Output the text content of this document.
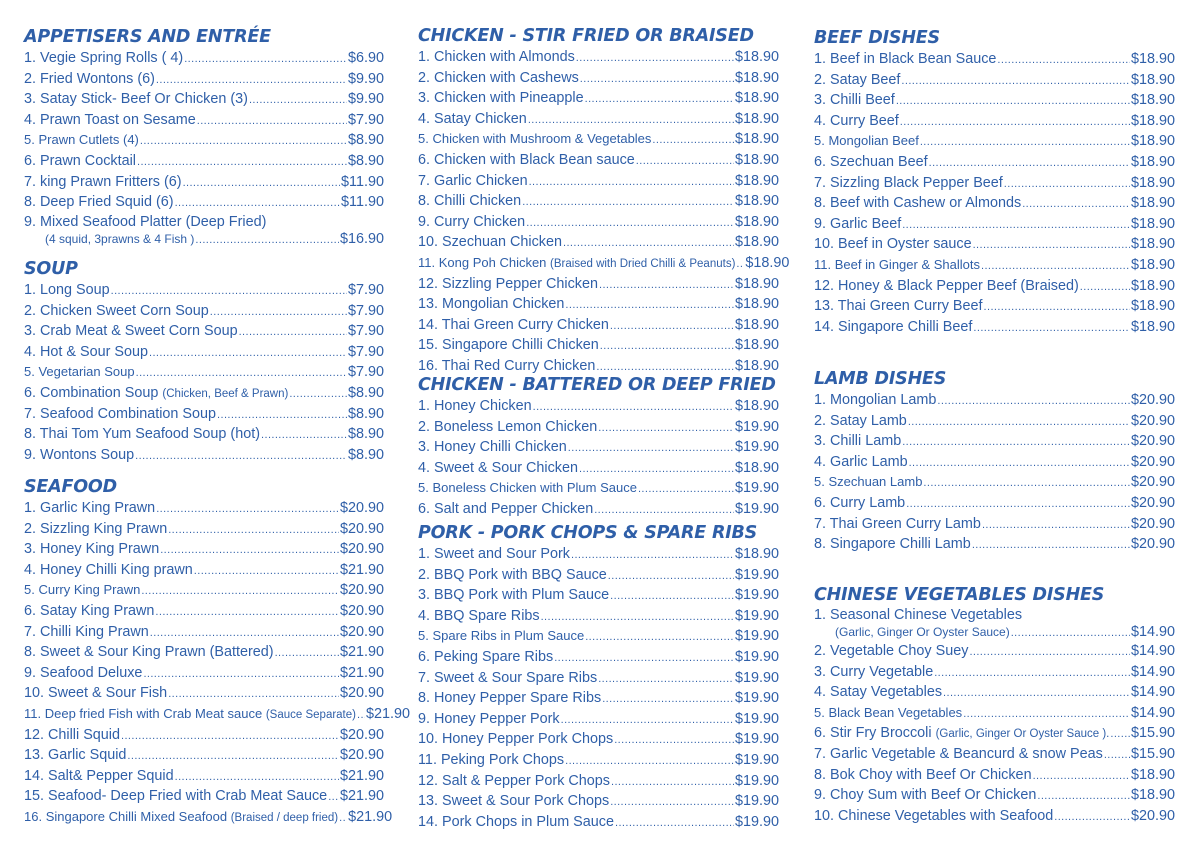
APPETISERS AND ENTRÉE
1. Vegie Spring Rolls ( 4) .....	$6.90
2. Fried Wontons (6) .....	$9.90
3. Satay Stick- Beef Or Chicken (3) .....	$9.90
4. Prawn Toast on Sesame .....	$7.90
5. Prawn Cutlets (4) .....	$8.90
6. Prawn Cocktail .....	$8.90
7. king Prawn Fritters (6) .....	$11.90
8. Deep Fried Squid (6) .....	$11.90
9. Mixed Seafood Platter (Deep Fried)
(4 squid, 3prawns & 4 Fish ) .....	$16.90
SOUP
1. Long Soup .....	$7.90
2. Chicken Sweet Corn Soup .....	$7.90
3. Crab Meat & Sweet Corn Soup .....	$7.90
4. Hot & Sour Soup .....	$7.90
5. Vegetarian Soup .....	$7.90
6. Combination Soup (Chicken, Beef & Prawn) .....	$8.90
7. Seafood Combination Soup .....	$8.90
8. Thai Tom Yum Seafood Soup (hot) .....	$8.90
9. Wontons Soup .....	$8.90
SEAFOOD
1. Garlic King Prawn .....	$20.90
2. Sizzling King Prawn .....	$20.90
3. Honey King Prawn .....	$20.90
4. Honey Chilli King prawn .....	$21.90
5. Curry King Prawn .....	$20.90
6. Satay King Prawn .....	$20.90
7. Chilli King Prawn .....	$20.90
8. Sweet & Sour King Prawn (Battered) .....	$21.90
9. Seafood Deluxe .....	$21.90
10. Sweet & Sour Fish .....	$20.90
11. Deep fried Fish with Crab Meat sauce (Sauce Separate) ..... $21.90
12. Chilli Squid .....	$20.90
13. Garlic Squid .....	$20.90
14. Salt& Pepper Squid .....	$21.90
15. Seafood- Deep Fried with Crab Meat Sauce ..... $21.90
16. Singapore Chilli Mixed Seafood (Braised / deep fried) ..... $21.90
CHICKEN - STIR FRIED OR BRAISED
1. Chicken with Almonds .....	$18.90
2. Chicken with Cashews .....	$18.90
3. Chicken with Pineapple .....	$18.90
4. Satay Chicken .....	$18.90
5. Chicken with Mushroom & Vegetables .....	$18.90
6. Chicken with Black Bean sauce .....	$18.90
7. Garlic Chicken .....	$18.90
8. Chilli Chicken .....	$18.90
9. Curry Chicken .....	$18.90
10. Szechuan Chicken .....	$18.90
11. Kong Poh Chicken (Braised with Dried Chilli & Peanuts) ..... $18.90
12. Sizzling Pepper Chicken .....	$18.90
13. Mongolian Chicken .....	$18.90
14. Thai Green Curry Chicken .....	$18.90
15. Singapore Chilli Chicken .....	$18.90
16. Thai Red Curry Chicken .....	$18.90
CHICKEN - BATTERED OR DEEP FRIED
1. Honey Chicken .....	$18.90
2. Boneless Lemon Chicken .....	$19.90
3. Honey Chilli Chicken .....	$19.90
4. Sweet & Sour Chicken .....	$18.90
5. Boneless Chicken with Plum Sauce .....	$19.90
6. Salt and Pepper Chicken .....	$19.90
PORK - PORK CHOPS & SPARE RIBS
1. Sweet and Sour Pork .....	$18.90
2. BBQ Pork with BBQ Sauce .....	$19.90
3. BBQ Pork with Plum Sauce .....	$19.90
4. BBQ Spare Ribs .....	$19.90
5. Spare Ribs in Plum Sauce .....	$19.90
6. Peking Spare Ribs .....	$19.90
7. Sweet & Sour Spare Ribs .....	$19.90
8. Honey Pepper Spare Ribs .....	$19.90
9. Honey Pepper Pork .....	$19.90
10. Honey Pepper Pork Chops .....	$19.90
11. Peking Pork Chops .....	$19.90
12. Salt & Pepper Pork Chops .....	$19.90
13. Sweet & Sour Pork Chops .....	$19.90
14. Pork Chops in Plum Sauce .....	$19.90
BEEF DISHES
1. Beef in Black Bean Sauce .....	$18.90
2. Satay Beef .....	$18.90
3. Chilli Beef .....	$18.90
4. Curry Beef .....	$18.90
5. Mongolian Beef .....	$18.90
6. Szechuan Beef .....	$18.90
7. Sizzling Black Pepper Beef .....	$18.90
8. Beef with Cashew or Almonds .....	$18.90
9. Garlic Beef .....	$18.90
10. Beef in Oyster sauce .....	$18.90
11. Beef in Ginger & Shallots .....	$18.90
12. Honey & Black Pepper Beef (Braised) .....	$18.90
13. Thai Green Curry Beef .....	$18.90
14. Singapore Chilli Beef .....	$18.90
LAMB DISHES
1. Mongolian Lamb .....	$20.90
2. Satay Lamb .....	$20.90
3. Chilli Lamb .....	$20.90
4. Garlic Lamb .....	$20.90
5. Szechuan Lamb .....	$20.90
6. Curry Lamb .....	$20.90
7. Thai Green Curry Lamb .....	$20.90
8. Singapore Chilli Lamb .....	$20.90
CHINESE VEGETABLES DISHES
1. Seasonal Chinese Vegetables
(Garlic, Ginger Or Oyster Sauce) .....	$14.90
2. Vegetable Choy Suey .....	$14.90
3. Curry Vegetable .....	$14.90
4. Satay Vegetables .....	$14.90
5. Black Bean Vegetables .....	$14.90
6. Stir Fry Broccoli (Garlic, Ginger Or Oyster Sauce ). ..... $15.90
7. Garlic Vegetable & Beancurd & snow Peas ..... $15.90
8. Bok Choy with Beef Or Chicken .....	$18.90
9. Choy Sum with Beef Or Chicken .....	$18.90
10. Chinese Vegetables with Seafood .....	$20.90
